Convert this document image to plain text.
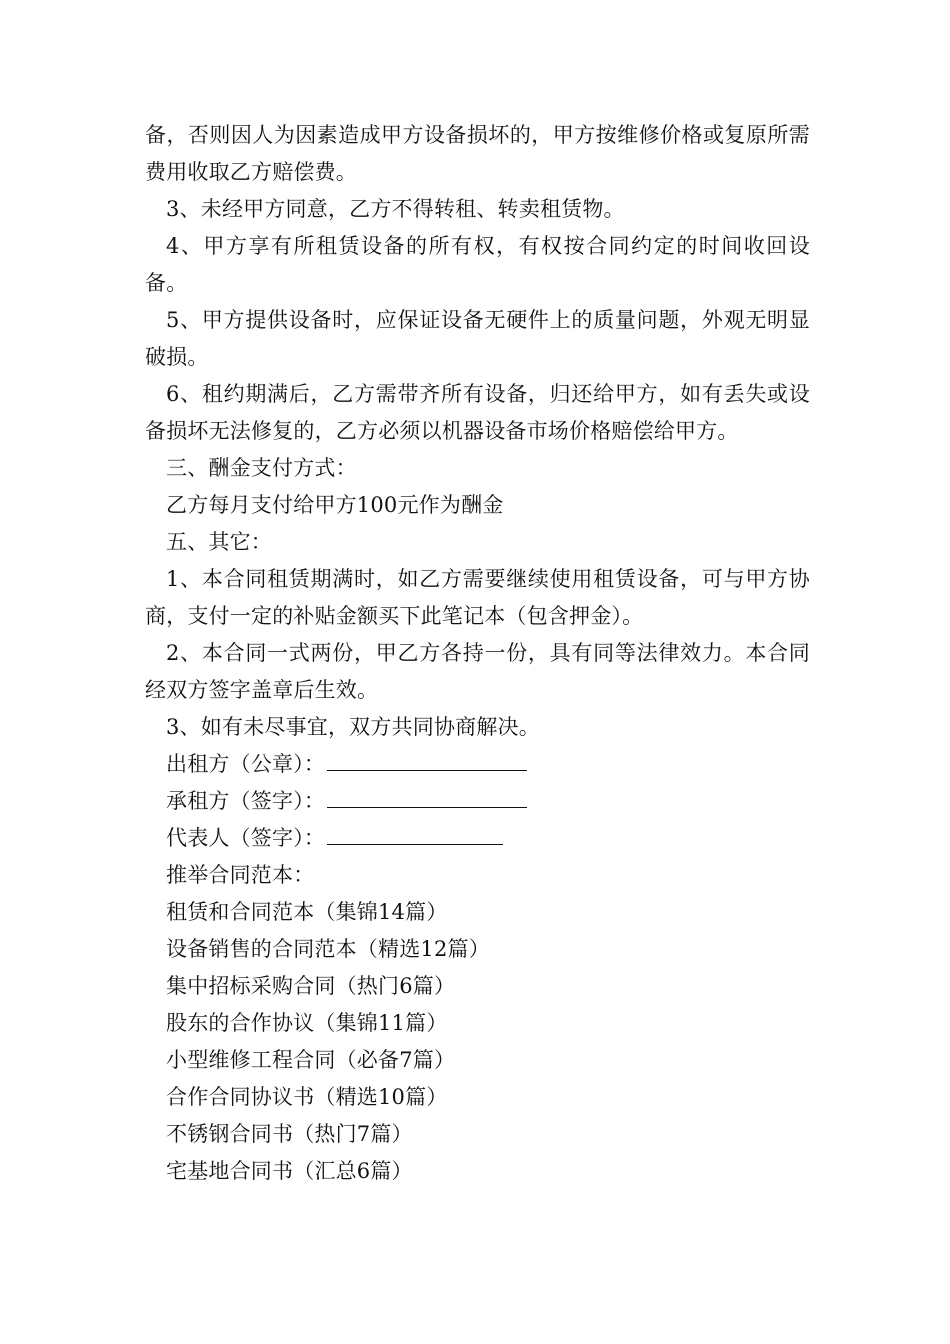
备，否则因人为因素造成甲方设备损坏的，甲方按维修价格或复原所需费用收取乙方赔偿费。

3、未经甲方同意，乙方不得转租、转卖租赁物。

4、甲方享有所租赁设备的所有权，有权按合同约定的时间收回设备。

5、甲方提供设备时，应保证设备无硬件上的质量问题，外观无明显破损。

6、租约期满后，乙方需带齐所有设备，归还给甲方，如有丢失或设备损坏无法修复的，乙方必须以机器设备市场价格赔偿给甲方。

三、酬金支付方式：

乙方每月支付给甲方100元作为酬金

五、其它：

1、本合同租赁期满时，如乙方需要继续使用租赁设备，可与甲方协商，支付一定的补贴金额买下此笔记本（包含押金）。

2、本合同一式两份，甲乙方各持一份，具有同等法律效力。本合同经双方签字盖章后生效。

3、如有未尽事宜，双方共同协商解决。

出租方（公章）：

承租方（签字）：

代表人（签字）：

推举合同范本：

租赁和合同范本（集锦14篇）

设备销售的合同范本（精选12篇）

集中招标采购合同（热门6篇）

股东的合作协议（集锦11篇）

小型维修工程合同（必备7篇）

合作合同协议书（精选10篇）

不锈钢合同书（热门7篇）

宅基地合同书（汇总6篇）
